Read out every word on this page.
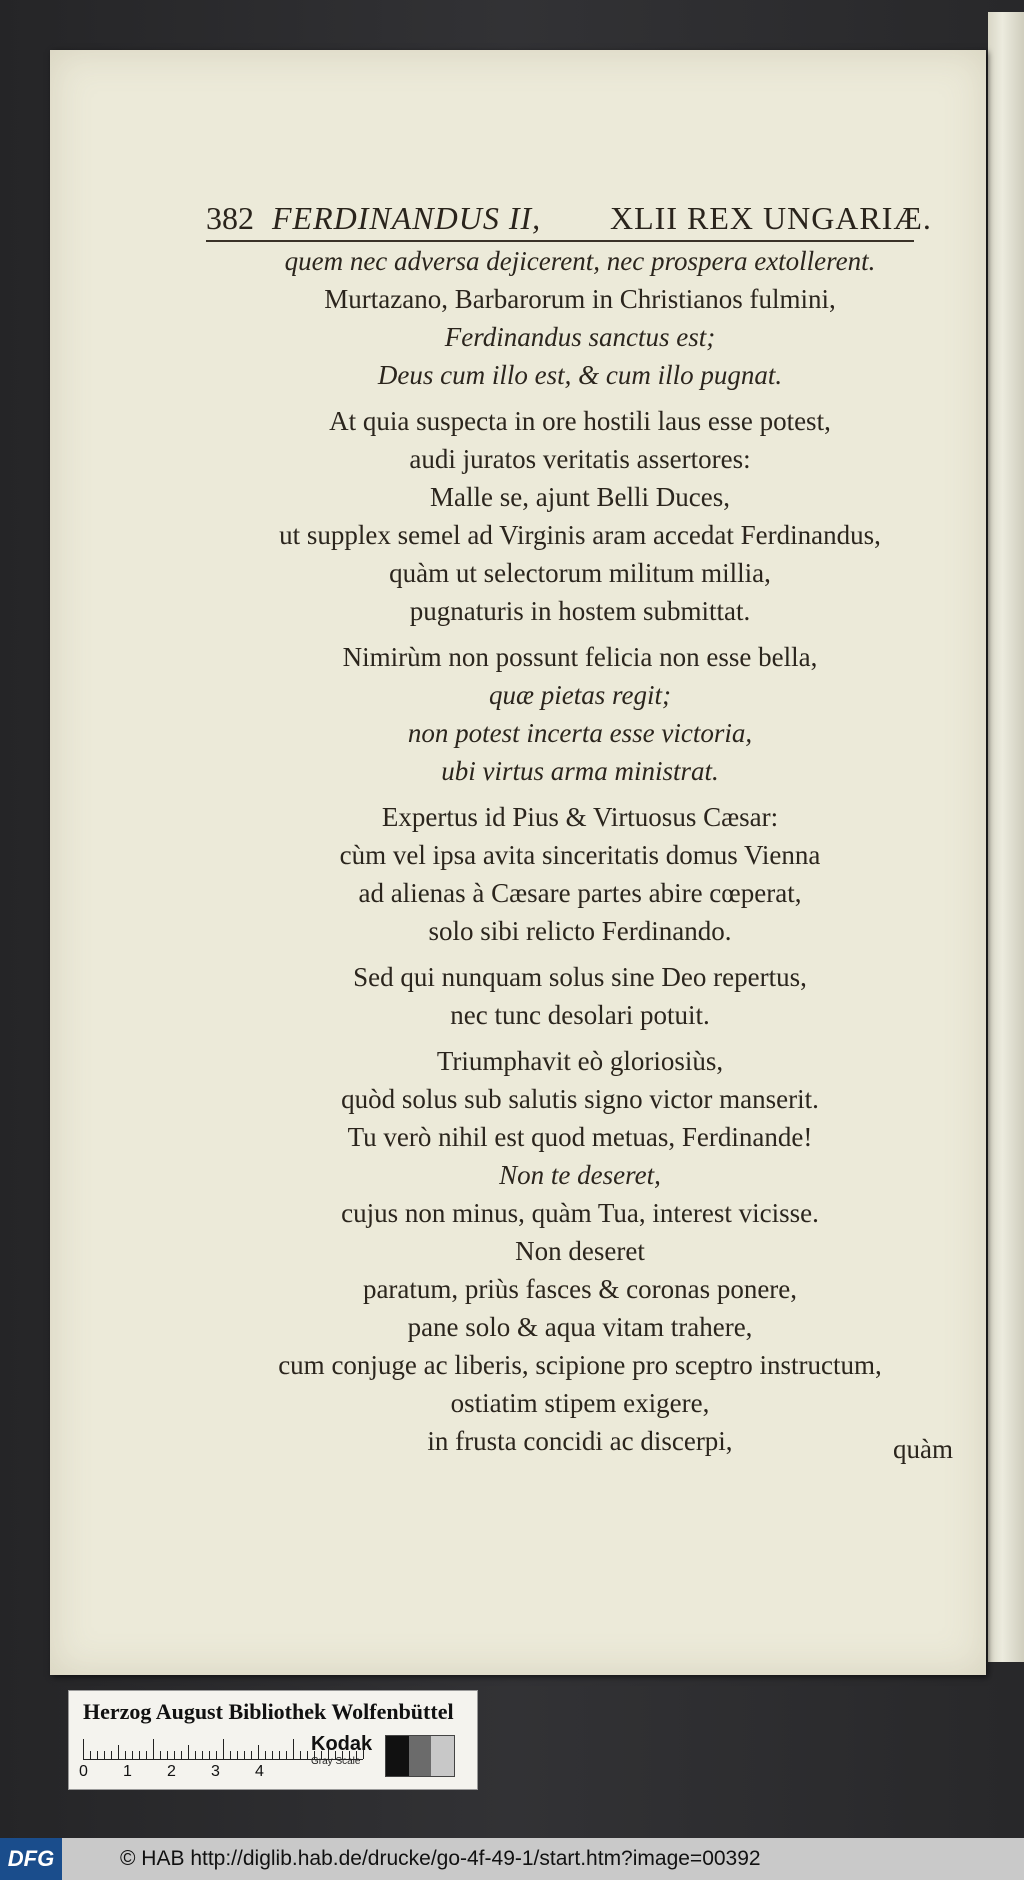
382 FERDINANDUS II, XLII REX UNGARIÆ.
quem nec adversa dejicerent, nec prospera extollerent.
Murtazano, Barbarorum in Christianos fulmini,
Ferdinandus sanctus est;
Deus cum illo est, & cum illo pugnat.
At quia suspecta in ore hostili laus esse potest,
audi juratos veritatis assertores:
Malle se, ajunt Belli Duces,
ut supplex semel ad Virginis aram accedat Ferdinandus,
quàm ut selectorum militum millia,
pugnaturis in hostem submittat.
Nimirùm non possunt felicia non esse bella,
quæ pietas regit;
non potest incerta esse victoria,
ubi virtus arma ministrat.
Expertus id Pius & Virtuosus Cæsar:
cùm vel ipsa avita sinceritatis domus Vienna
ad alienas à Cæsare partes abire cœperat,
solo sibi relicto Ferdinando.
Sed qui nunquam solus sine Deo repertus,
nec tunc desolari potuit.
Triumphavit eò gloriosiùs,
quòd solus sub salutis signo victor manserit.
Tu verò nihil est quod metuas, Ferdinande!
Non te deseret,
cujus non minus, quàm Tua, interest vicisse.
Non deseret
paratum, priùs fasces & coronas ponere,
pane solo & aqua vitam trahere,
cum conjuge ac liberis, scipione pro sceptro instructum,
ostiatim stipem exigere,
in frusta concidi ac discerpi,	quàm
Herzog August Bibliothek Wolfenbüttel
0 1 2 3 4
Kodak
Gray Scale
DFG	© HAB http://diglib.hab.de/drucke/go-4f-49-1/start.htm?image=00392
